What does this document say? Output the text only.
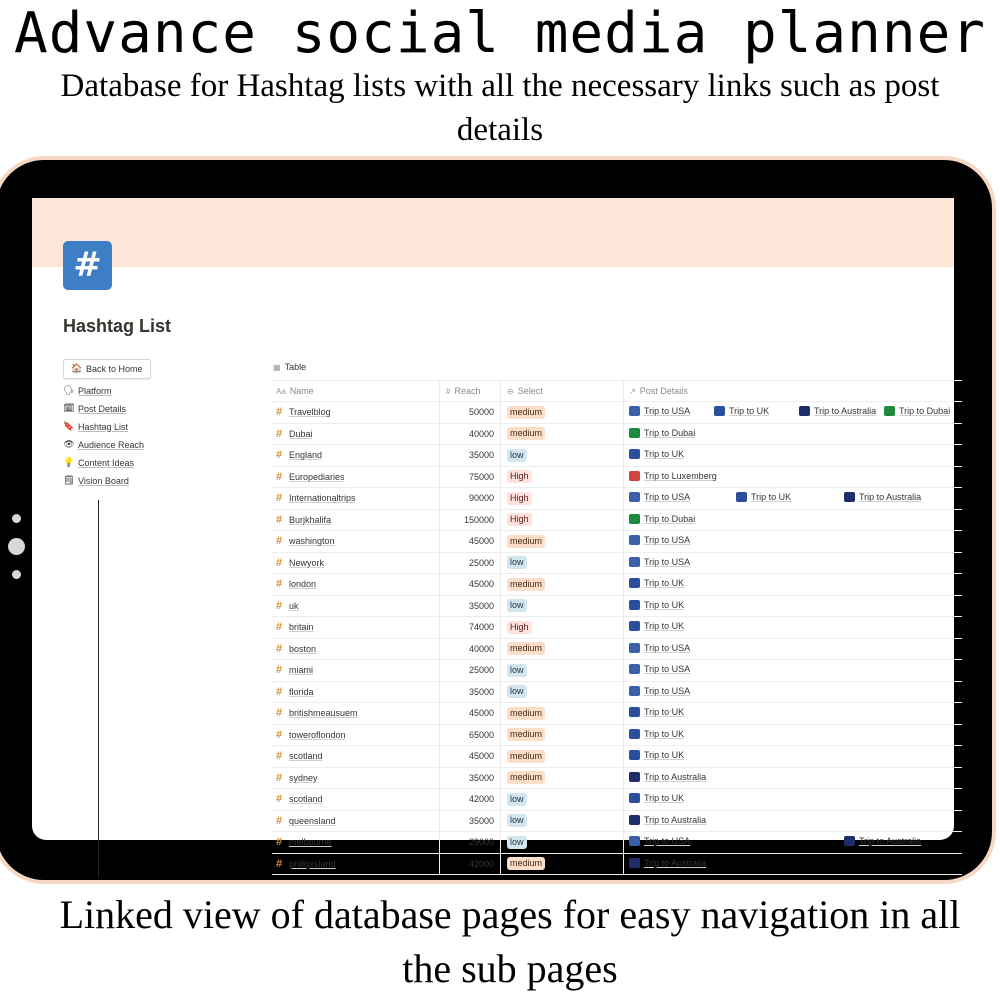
Advance social media planner
Database for Hashtag lists with all the necessary links such as post details
#
Hashtag List
🏠 Back to Home
🗣 Platform
🗓 Post Details
🔖 Hashtag List
👁 Audience Reach
💡 Content Ideas
🗒 Vision Board
▦ Table
Aa Name	# Reach	⊖ Select	↗ Post Details
# Travelblog	50000	medium	Trip to USA	Trip to UK	Trip to Australia	Trip to Dubai
# Dubai	40000	medium	Trip to Dubai
# England	35000	low	Trip to UK
# Europediaries	75000	High	Trip to Luxemberg
# Internationaltrips	90000	High	Trip to USA	Trip to UK	Trip to Australia
# Burjkhalifa	150000	High	Trip to Dubai
# washington	45000	medium	Trip to USA
# Newyork	25000	low	Trip to USA
# london	45000	medium	Trip to UK
# uk	35000	low	Trip to UK
# britain	74000	High	Trip to UK
# boston	40000	medium	Trip to USA
# miami	25000	low	Trip to USA
# florida	35000	low	Trip to USA
# britishmeausuem	45000	medium	Trip to UK
# toweroflondon	65000	medium	Trip to UK
# scotland	45000	medium	Trip to UK
# sydney	35000	medium	Trip to Australia
# scotland	42000	low	Trip to UK
# queensland	35000	low	Trip to Australia
# melbourne	29000	low	Trip to USA	Trip to Australia
# phillipisland	42000	medium	Trip to Australia
Linked view of database pages for easy navigation in all the sub pages
